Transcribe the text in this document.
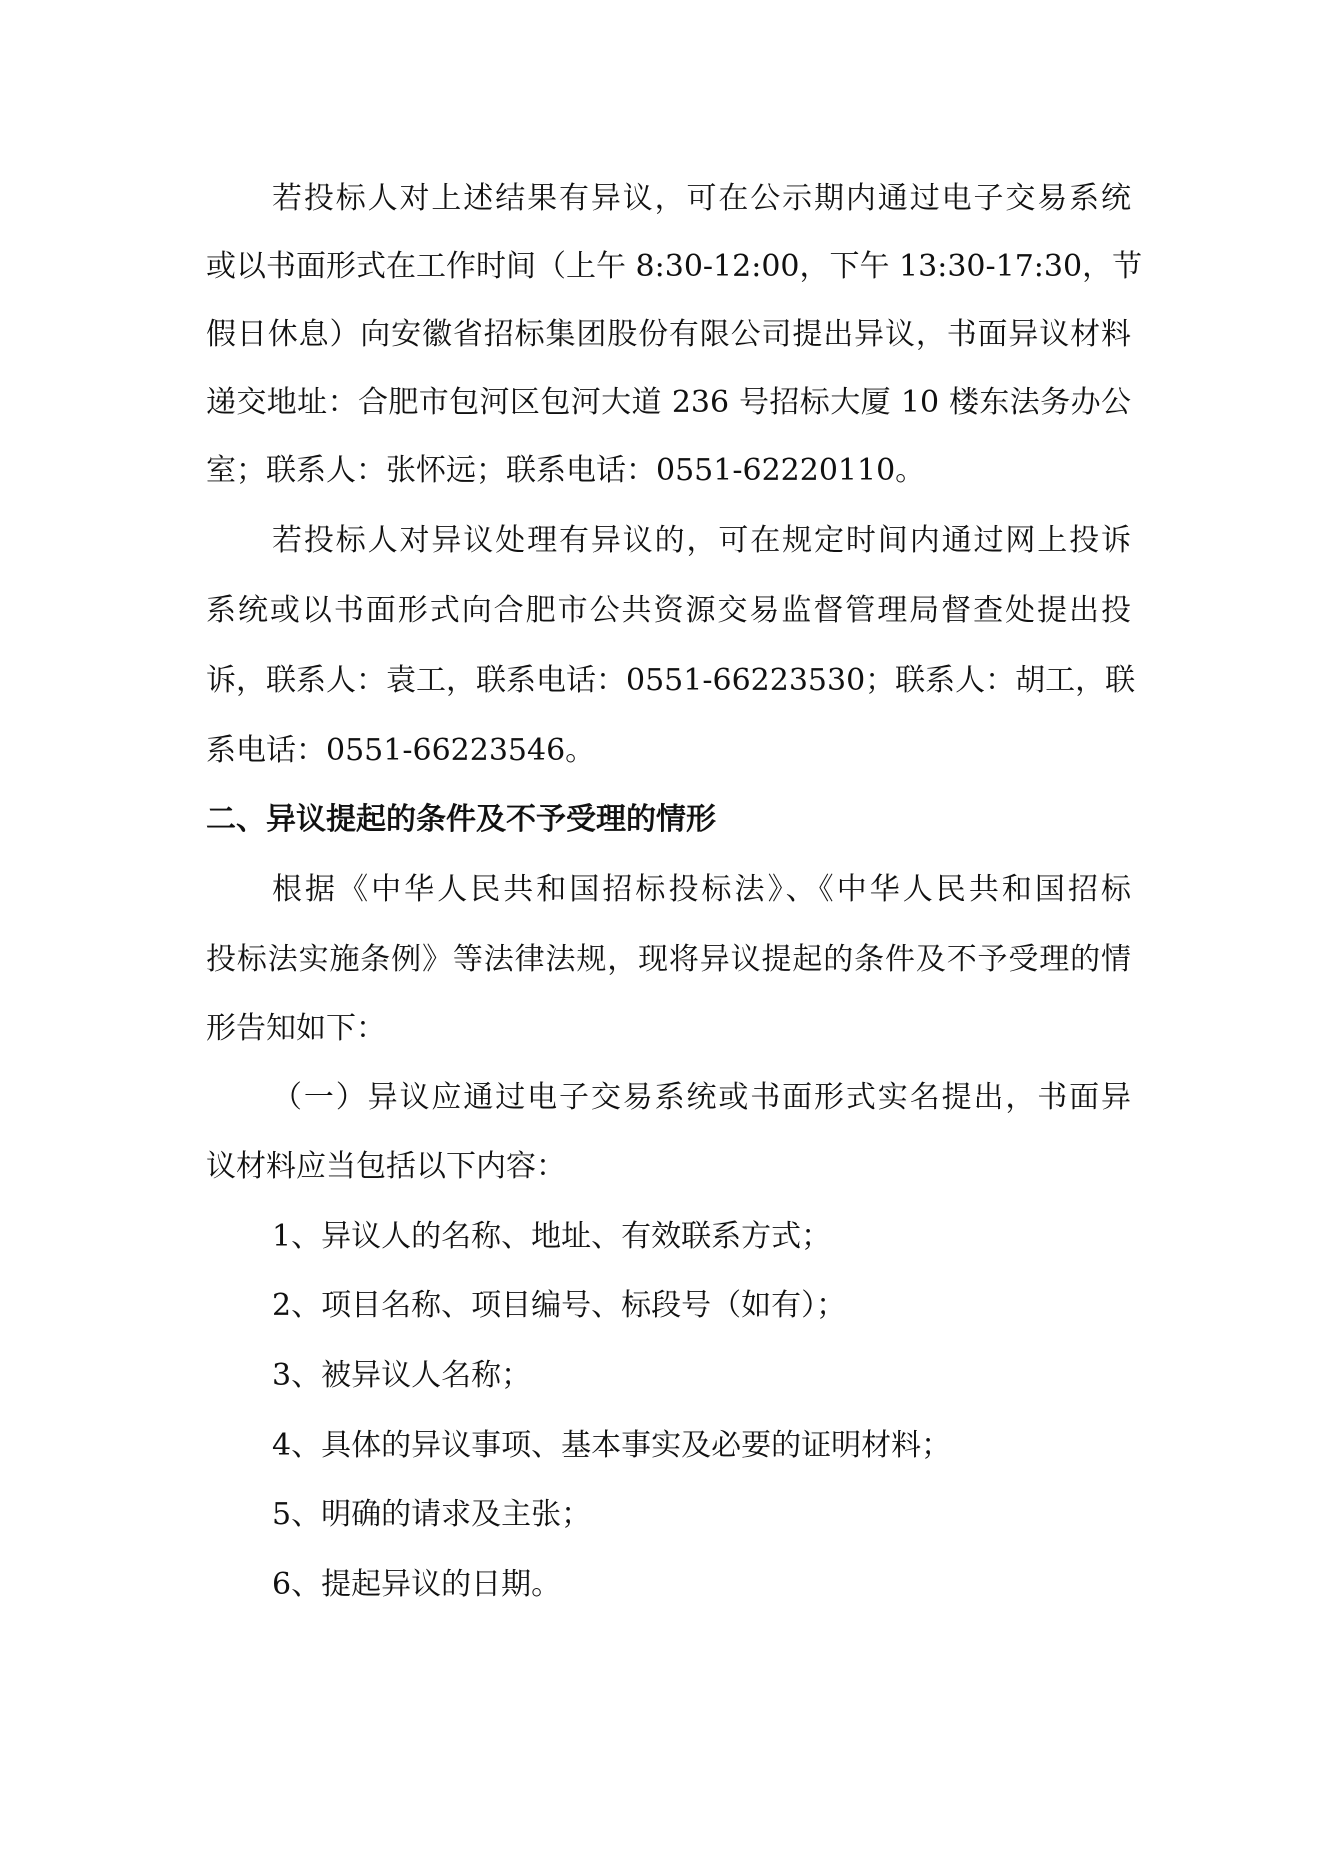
若投标人对上述结果有异议，可在公示期内通过电子交易系统
或以书面形式在工作时间（上午 8:30-12:00，下午 13:30-17:30，节
假日休息）向安徽省招标集团股份有限公司提出异议，书面异议材料
递交地址：合肥市包河区包河大道 236 号招标大厦 10 楼东法务办公
室；联系人：张怀远；联系电话：0551-62220110。
若投标人对异议处理有异议的，可在规定时间内通过网上投诉
系统或以书面形式向合肥市公共资源交易监督管理局督查处提出投
诉，联系人：袁工，联系电话：0551-66223530；联系人：胡工，联
系电话：0551-66223546。
二、异议提起的条件及不予受理的情形
根据《中华人民共和国招标投标法》、《中华人民共和国招标
投标法实施条例》等法律法规，现将异议提起的条件及不予受理的情
形告知如下：
（一）异议应通过电子交易系统或书面形式实名提出，书面异
议材料应当包括以下内容：
1、异议人的名称、地址、有效联系方式；
2、项目名称、项目编号、标段号（如有）；
3、被异议人名称；
4、具体的异议事项、基本事实及必要的证明材料；
5、明确的请求及主张；
6、提起异议的日期。
